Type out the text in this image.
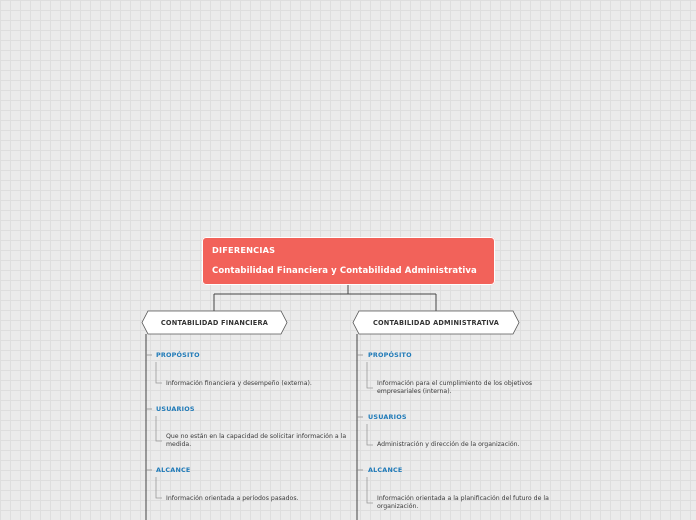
DIFERENCIAS
Contabilidad Financiera y Contabilidad Administrativa
CONTABILIDAD FINANCIERA
PROPÓSITO
Información financiera y desempeño (externa).
USUARIOS
Que no están en la capacidad de solicitar información a la medida.
ALCANCE
Información orientada a períodos pasados.
CONTABILIDAD ADMINISTRATIVA
PROPÓSITO
Información para el cumplimiento de los objetivos empresariales (interna).
USUARIOS
Administración y dirección de la organización.
ALCANCE
Información orientada a la planificación del futuro de la organización.
